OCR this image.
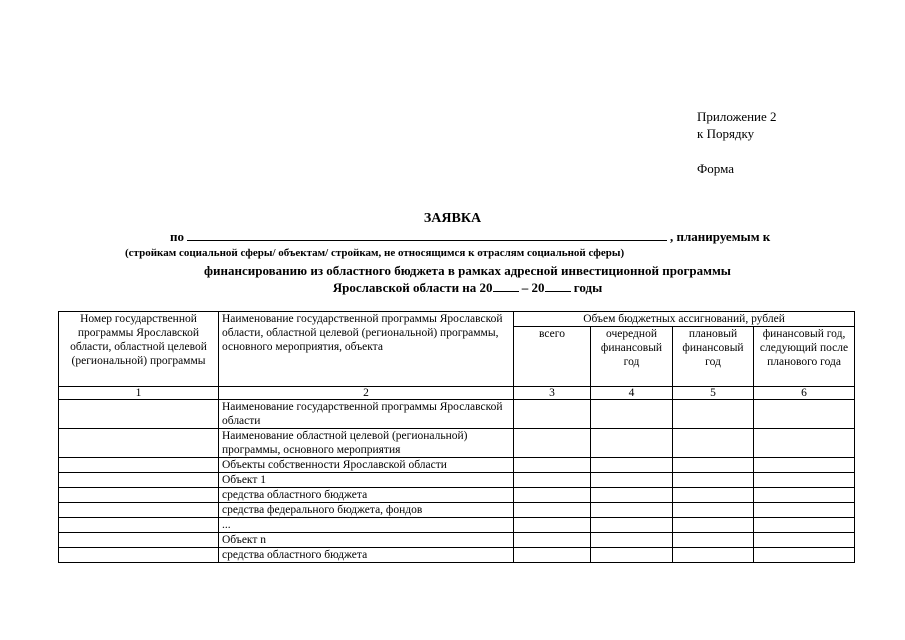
Приложение 2
к Порядку
Форма
ЗАЯВКА
по	, планируемым к
(стройкам социальной сферы/ объектам/ стройкам, не относящимся к отраслям социальной сферы)
финансированию из областного бюджета в рамках адресной инвестиционной программы
Ярославской области на 20 – 20 годы
Номер государственной программы Ярославской области, областной целевой (региональной) программы	Наименование государственной программы Ярославской области, областной целевой (региональной) программы, основного мероприятия, объекта	Объем бюджетных ассигнований, рублей			
		всего	очередной финансовый год	плановый финансовый год	финансовый год, следующий после планового года
1	2	3	4	5	6
	Наименование государственной программы Ярославской области				
	Наименование областной целевой (региональной) программы, основного мероприятия				
	Объекты собственности Ярославской области				
	Объект 1				
	средства областного бюджета				
	средства федерального бюджета, фондов				
	...				
	Объект n				
	средства областного бюджета				
